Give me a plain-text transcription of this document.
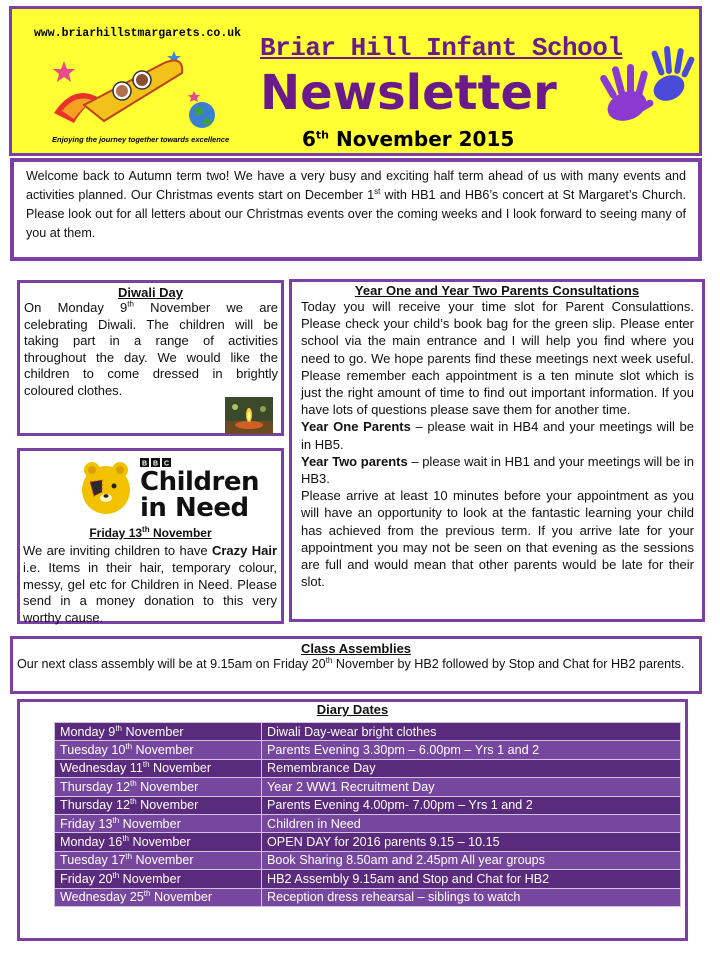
www.briarhillstmargarets.co.uk
Enjoying the journey together towards excellence
Briar Hill Infant School
Newsletter
6th November 2015

Welcome back to Autumn term two! We have a very busy and exciting half term ahead of us with many events and activities planned. Our Christmas events start on December 1st with HB1 and HB6’s concert at St Margaret’s Church. Please look out for all letters about our Christmas events over the coming weeks and I look forward to seeing many of you at them.

Diwali Day

On Monday 9th November we are celebrating Diwali. The children will be taking part in a range of activities throughout the day. We would like the children to come dressed in brightly coloured clothes.

Year One and Year Two Parents Consultations

Today you will receive your time slot for Parent Consulattions. Please check your child’s book bag for the green slip. Please enter school via the main entrance and I will help you find where you need to go. We hope parents find these meetings next week useful. Please remember each appointment is a ten minute slot which is just the right amount of time to find out important information. If you have lots of questions please save them for another time.

Year One Parents – please wait in HB4 and your meetings will be in HB5.

Year Two parents – please wait in HB1 and your meetings will be in HB3.

Please arrive at least 10 minutes before your appointment as you will have an opportunity to look at the fantastic learning your child has achieved from the previous term. If you arrive late for your appointment you may not be seen on that evening as the sessions are full and would mean that other parents would be late for their slot.

B B C
Children
in Need
Friday 13th November

We are inviting children to have Crazy Hair i.e. Items in their hair, temporary colour, messy, gel etc for Children in Need. Please send in a money donation to this very worthy cause.

Class Assemblies

Our next class assembly will be at 9.15am on Friday 20th November by HB2 followed by Stop and Chat for HB2 parents.

Diary Dates
Monday 9th November	Diwali Day-wear bright clothes
Tuesday 10th November	Parents Evening 3.30pm – 6.00pm – Yrs 1 and 2
Wednesday 11th November	Remembrance Day
Thursday 12th November	Year 2 WW1 Recruitment Day
Thursday 12th November	Parents Evening 4.00pm- 7.00pm – Yrs 1 and 2
Friday 13th November	Children in Need
Monday 16th November	OPEN DAY for 2016 parents 9.15 – 10.15
Tuesday 17th November	Book Sharing 8.50am and 2.45pm All year groups
Friday 20th November	HB2 Assembly 9.15am and Stop and Chat for HB2
Wednesday 25th November	Reception dress rehearsal – siblings to watch
